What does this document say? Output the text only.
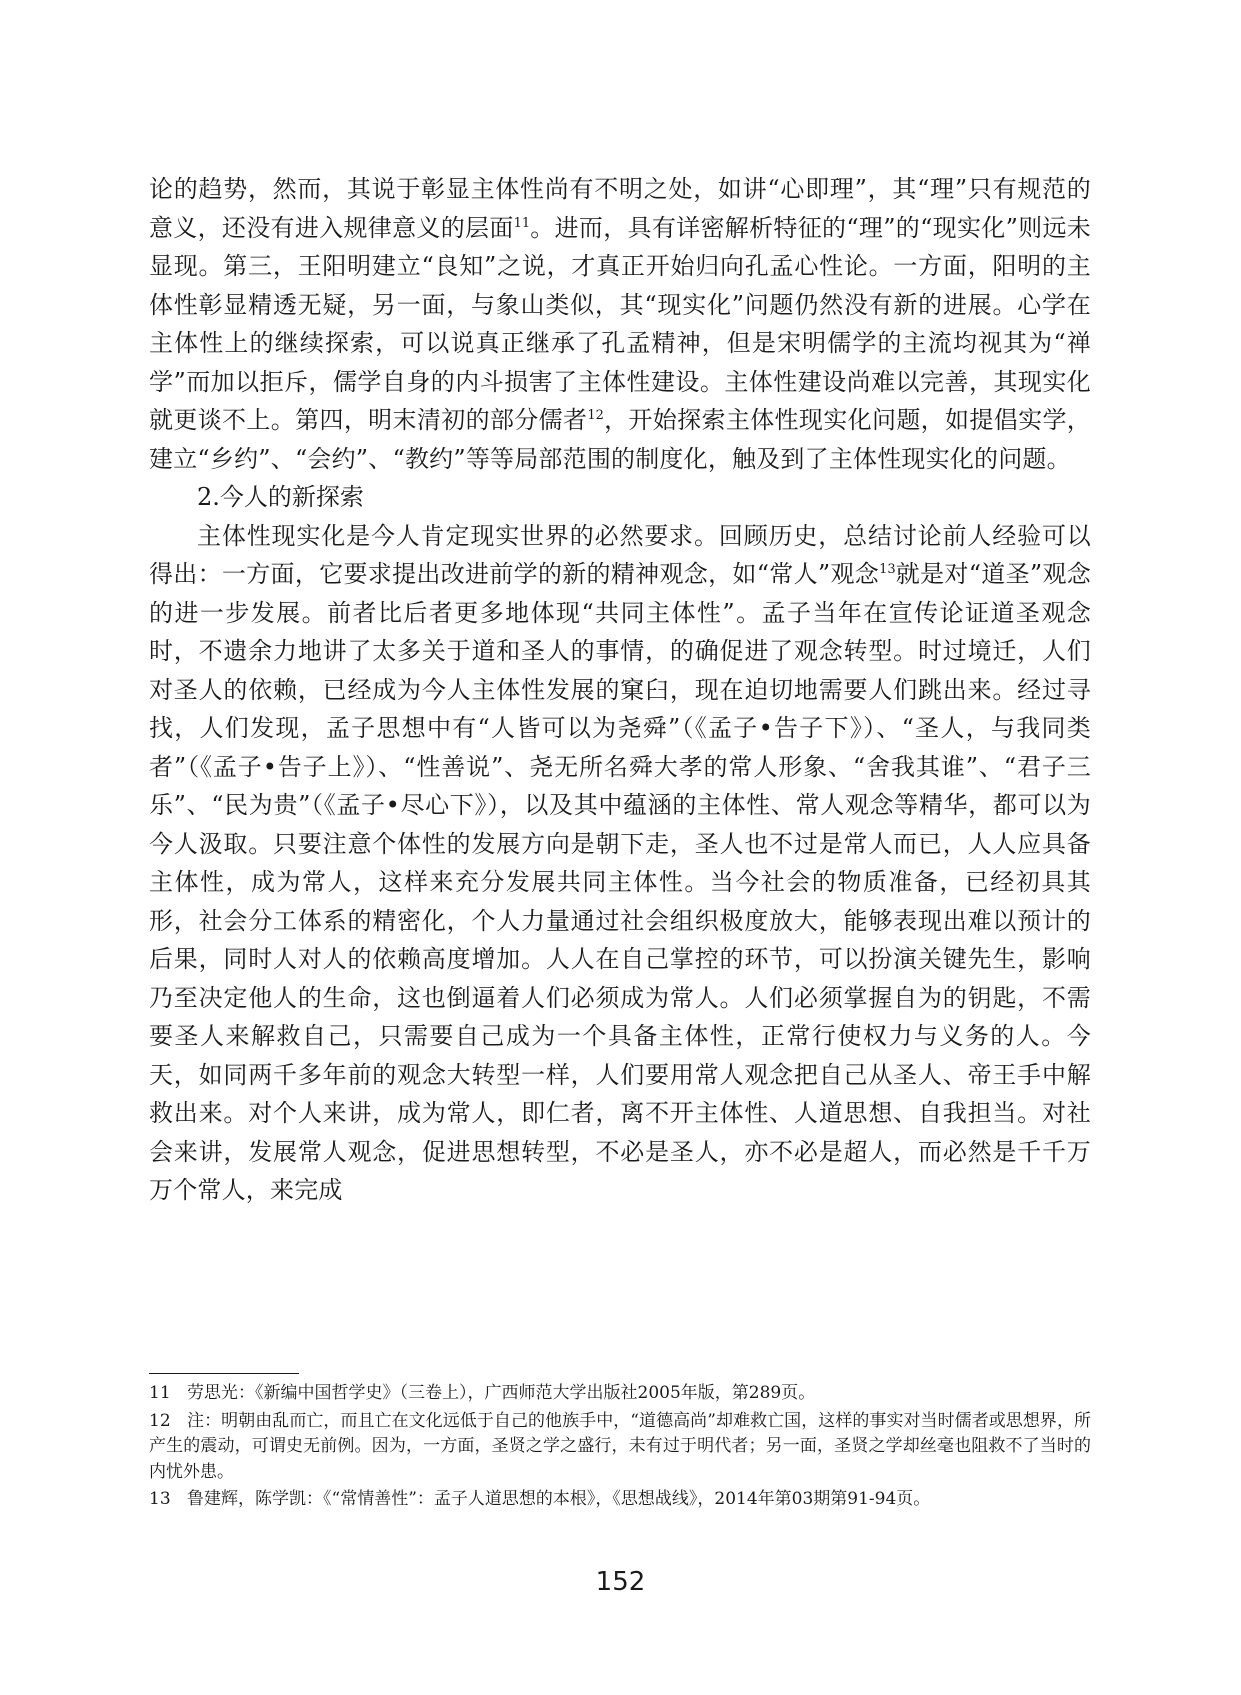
论的趋势，然而，其说于彰显主体性尚有不明之处，如讲“心即理”，其“理”只有规范的意义，还没有进入规律意义的层面$^{11}$。进而，具有详密解析特征的“理”的“现实化”则远未显现。第三，王阳明建立“良知”之说，才真正开始归向孔孟心性论。一方面，阳明的主体性彰显精透无疑，另一面，与象山类似，其“现实化”问题仍然没有新的进展。心学在主体性上的继续探索，可以说真正继承了孔孟精神，但是宋明儒学的主流均视其为“禅学”而加以拒斥，儒学自身的内斗损害了主体性建设。主体性建设尚难以完善，其现实化就更谈不上。第四，明末清初的部分儒者$^{12}$，开始探索主体性现实化问题，如提倡实学，建立“乡约”、“会约”、“教约”等等局部范围的制度化，触及到了主体性现实化的问题。

2.今人的新探索

主体性现实化是今人肯定现实世界的必然要求。回顾历史，总结讨论前人经验可以得出：一方面，它要求提出改进前学的新的精神观念，如“常人”观念$^{13}$就是对“道圣”观念的进一步发展。前者比后者更多地体现“共同主体性”。孟子当年在宣传论证道圣观念时，不遗余力地讲了太多关于道和圣人的事情，的确促进了观念转型。时过境迁，人们对圣人的依赖，已经成为今人主体性发展的窠臼，现在迫切地需要人们跳出来。经过寻找，人们发现，孟子思想中有“人皆可以为尧舜”（《孟子•告子下》）、“圣人，与我同类者”（《孟子•告子上》）、“性善说”、尧无所名舜大孝的常人形象、“舍我其谁”、“君子三乐”、“民为贵”（《孟子•尽心下》），以及其中蕴涵的主体性、常人观念等精华，都可以为今人汲取。只要注意个体性的发展方向是朝下走，圣人也不过是常人而已，人人应具备主体性，成为常人，这样来充分发展共同主体性。当今社会的物质准备，已经初具其形，社会分工体系的精密化，个人力量通过社会组织极度放大，能够表现出难以预计的后果，同时人对人的依赖高度增加。人人在自己掌控的环节，可以扮演关键先生，影响乃至决定他人的生命，这也倒逼着人们必须成为常人。人们必须掌握自为的钥匙，不需要圣人来解救自己，只需要自己成为一个具备主体性，正常行使权力与义务的人。今天，如同两千多年前的观念大转型一样，人们要用常人观念把自己从圣人、帝王手中解救出来。对个人来讲，成为常人，即仁者，离不开主体性、人道思想、自我担当。对社会来讲，发展常人观念，促进思想转型，不必是圣人，亦不必是超人，而必然是千千万万个常人，来完成

11 劳思光：《新编中国哲学史》（三卷上），广西师范大学出版社2005年版，第289页。

12 注：明朝由乱而亡，而且亡在文化远低于自己的他族手中，“道德高尚”却难救亡国，这样的事实对当时儒者或思想界，所产生的震动，可谓史无前例。因为，一方面，圣贤之学之盛行，未有过于明代者；另一面，圣贤之学却丝毫也阻救不了当时的内忧外患。

13 鲁建辉，陈学凯：《“常情善性”：孟子人道思想的本根》，《思想战线》，2014年第03期第91-94页。

152
